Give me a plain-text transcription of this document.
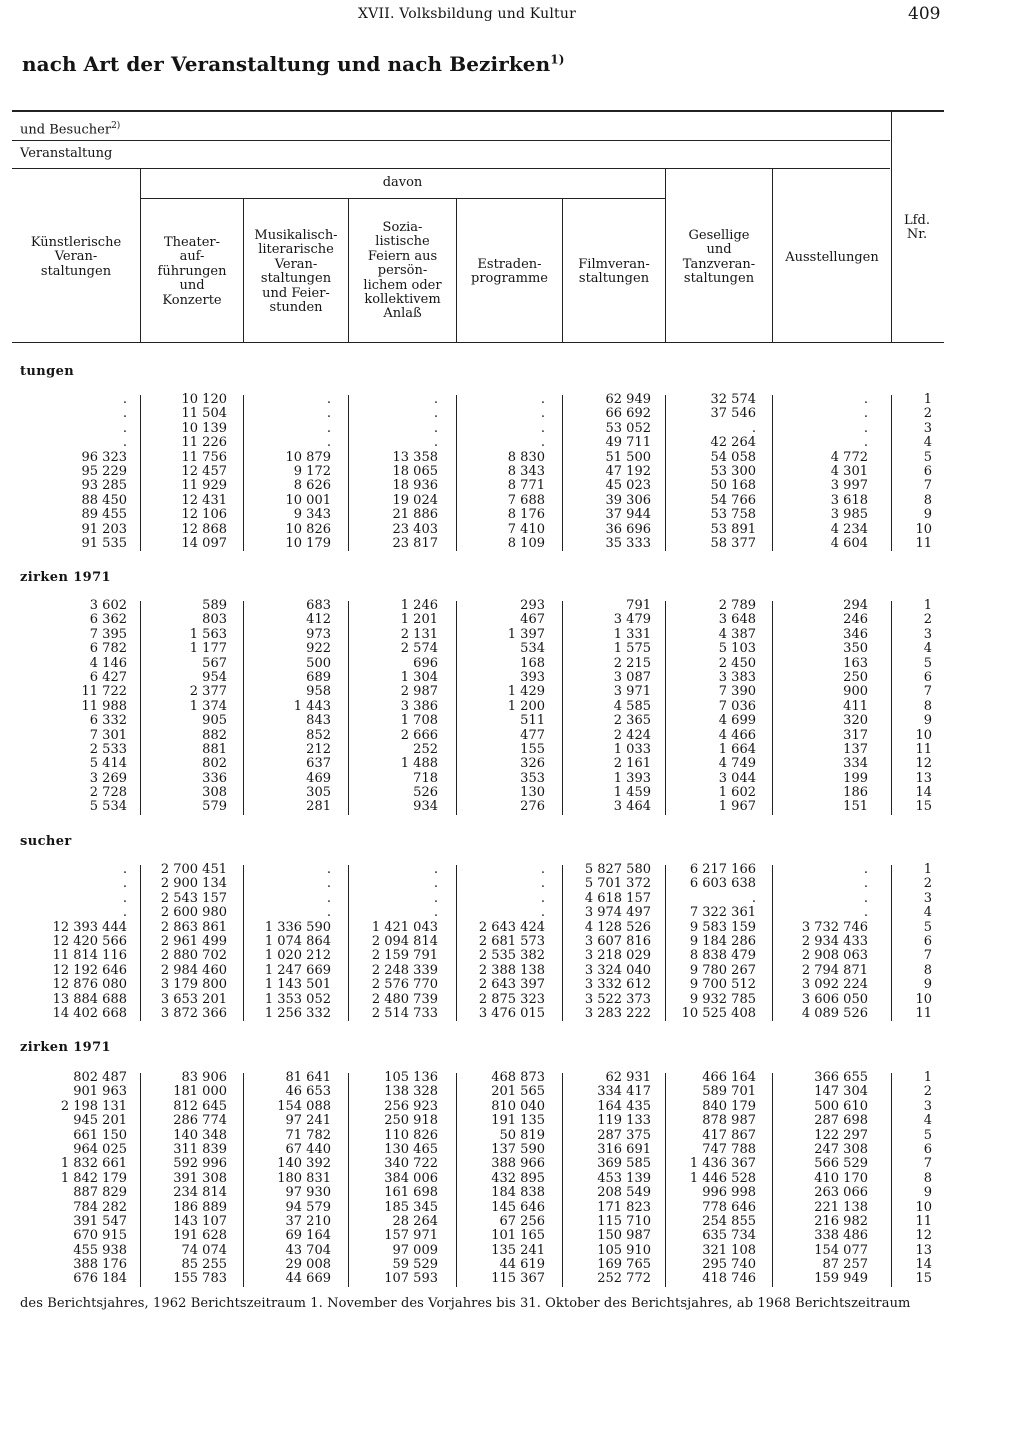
XVII. Volksbildung und Kultur	409
nach Art der Veranstaltung und nach Bezirken$^{1)}$
und Besucher$^{2)}$
Veranstaltung
davon
Künstlerische
Veran-
staltungen
Theater-
auf-
führungen
und
Konzerte
Musikalisch-
literarische
Veran-
staltungen
und Feier-
stunden
Sozia-
listische
Feiern aus
persön-
lichem oder
kollektivem
Anlaß
Estraden-
programme
Filmveran-
staltungen
Gesellige
und
Tanzveran-
staltungen
Ausstellungen
Lfd.
Nr.
tungen
zirken 1971
sucher
zirken 1971
.
.
.
.
96 323
95 229
93 285
88 450
89 455
91 203
91 535
10 120
11 504
10 139
11 226
11 756
12 457
11 929
12 431
12 106
12 868
14 097
.
.
.
.
10 879
9 172
8 626
10 001
9 343
10 826
10 179
.
.
.
.
13 358
18 065
18 936
19 024
21 886
23 403
23 817
.
.
.
.
8 830
8 343
8 771
7 688
8 176
7 410
8 109
62 949
66 692
53 052
49 711
51 500
47 192
45 023
39 306
37 944
36 696
35 333
32 574
37 546
.
42 264
54 058
53 300
50 168
54 766
53 758
53 891
58 377
.
.
.
.
4 772
4 301
3 997
3 618
3 985
4 234
4 604
1
2
3
4
5
6
7
8
9
10
11
3 602
6 362
7 395
6 782
4 146
6 427
11 722
11 988
6 332
7 301
2 533
5 414
3 269
2 728
5 534
589
803
1 563
1 177
567
954
2 377
1 374
905
882
881
802
336
308
579
683
412
973
922
500
689
958
1 443
843
852
212
637
469
305
281
1 246
1 201
2 131
2 574
696
1 304
2 987
3 386
1 708
2 666
252
1 488
718
526
934
293
467
1 397
534
168
393
1 429
1 200
511
477
155
326
353
130
276
791
3 479
1 331
1 575
2 215
3 087
3 971
4 585
2 365
2 424
1 033
2 161
1 393
1 459
3 464
2 789
3 648
4 387
5 103
2 450
3 383
7 390
7 036
4 699
4 466
1 664
4 749
3 044
1 602
1 967
294
246
346
350
163
250
900
411
320
317
137
334
199
186
151
1
2
3
4
5
6
7
8
9
10
11
12
13
14
15
.
.
.
.
12 393 444
12 420 566
11 814 116
12 192 646
12 876 080
13 884 688
14 402 668
2 700 451
2 900 134
2 543 157
2 600 980
2 863 861
2 961 499
2 880 702
2 984 460
3 179 800
3 653 201
3 872 366
.
.
.
.
1 336 590
1 074 864
1 020 212
1 247 669
1 143 501
1 353 052
1 256 332
.
.
.
.
1 421 043
2 094 814
2 159 791
2 248 339
2 576 770
2 480 739
2 514 733
.
.
.
.
2 643 424
2 681 573
2 535 382
2 388 138
2 643 397
2 875 323
3 476 015
5 827 580
5 701 372
4 618 157
3 974 497
4 128 526
3 607 816
3 218 029
3 324 040
3 332 612
3 522 373
3 283 222
6 217 166
6 603 638
.
7 322 361
9 583 159
9 184 286
8 838 479
9 780 267
9 700 512
9 932 785
10 525 408
.
.
.
.
3 732 746
2 934 433
2 908 063
2 794 871
3 092 224
3 606 050
4 089 526
1
2
3
4
5
6
7
8
9
10
11
802 487
901 963
2 198 131
945 201
661 150
964 025
1 832 661
1 842 179
887 829
784 282
391 547
670 915
455 938
388 176
676 184
83 906
181 000
812 645
286 774
140 348
311 839
592 996
391 308
234 814
186 889
143 107
191 628
74 074
85 255
155 783
81 641
46 653
154 088
97 241
71 782
67 440
140 392
180 831
97 930
94 579
37 210
69 164
43 704
29 008
44 669
105 136
138 328
256 923
250 918
110 826
130 465
340 722
384 006
161 698
185 345
28 264
157 971
97 009
59 529
107 593
468 873
201 565
810 040
191 135
50 819
137 590
388 966
432 895
184 838
145 646
67 256
101 165
135 241
44 619
115 367
62 931
334 417
164 435
119 133
287 375
316 691
369 585
453 139
208 549
171 823
115 710
150 987
105 910
169 765
252 772
466 164
589 701
840 179
878 987
417 867
747 788
1 436 367
1 446 528
996 998
778 646
254 855
635 734
321 108
295 740
418 746
366 655
147 304
500 610
287 698
122 297
247 308
566 529
410 170
263 066
221 138
216 982
338 486
154 077
87 257
159 949
1
2
3
4
5
6
7
8
9
10
11
12
13
14
15
des Berichtsjahres, 1962 Berichtszeitraum 1. November des Vorjahres bis 31. Oktober des Berichtsjahres, ab 1968 Berichtszeitraum
